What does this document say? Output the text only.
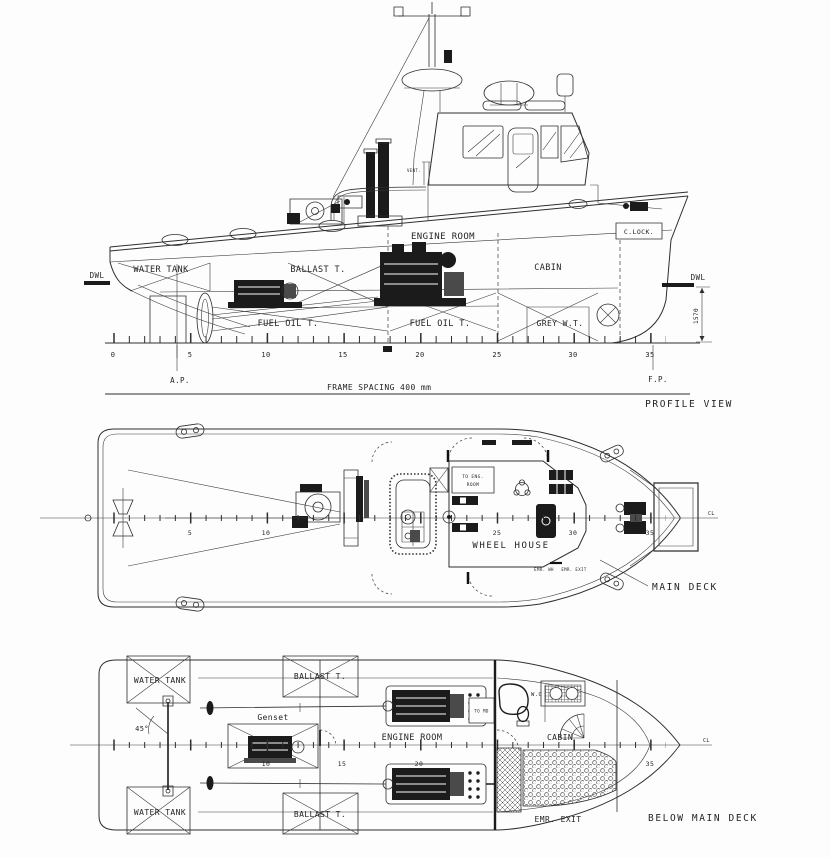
VENT.
C.LOCK.
DWL	DWL
1570
WATER TANK	BALLAST T.
ENGINE ROOM
CABIN
FUEL OIL T.	FUEL OIL T.	GREY W.T.
0	5	10	15	20	25	30	35
A.P.	F.P.
FRAME SPACING 400 mm
PROFILE VIEW
TO ENG.
ROOM
EMR. WH EMR. EXIT
WHEEL HOUSE
MAIN DECK
CL
5	10	25	30	35
45°
WATER TANK	BALLAST T.
WATER TANK	BALLAST T.
Genset
ENGINE ROOM
TO MD
W.C
CABIN
EMR. EXIT	BELOW MAIN DECK
CL
10	15	20	35
